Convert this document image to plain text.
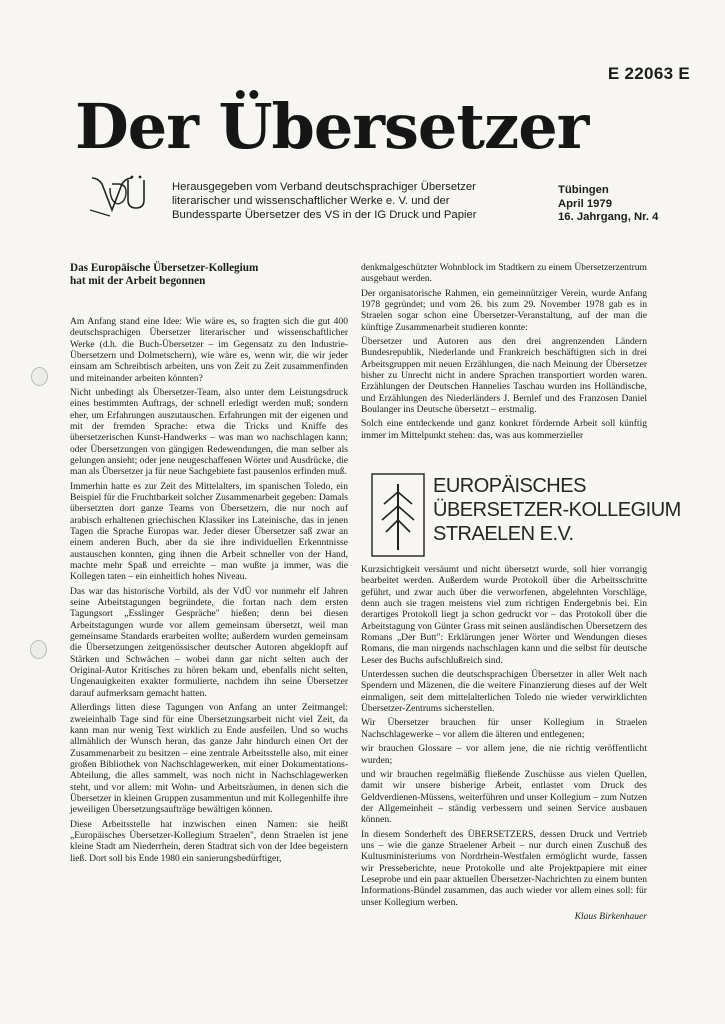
E 22063 E
Der Übersetzer
Herausgegeben vom Verband deutschsprachiger Übersetzer
literarischer und wissenschaftlicher Werke e. V. und der
Bundessparte Übersetzer des VS in der IG Druck und Papier
Tübingen
April 1979
16. Jahrgang, Nr. 4
Das Europäische Übersetzer-Kollegium
hat mit der Arbeit begonnen

Am Anfang stand eine Idee: Wie wäre es, so fragten sich die gut 400 deutschsprachigen Übersetzer literarischer und wissenschaftlicher Werke (d.h. die Buch-Übersetzer – im Gegensatz zu den Industrie-Übersetzern und Dolmetschern), wie wäre es, wenn wir, die wir jeder einsam am Schreibtisch arbeiten, uns von Zeit zu Zeit zusammenfinden und miteinander arbeiten könnten?

Nicht unbedingt als Übersetzer-Team, also unter dem Leistungsdruck eines bestimmten Auftrags, der schnell erledigt werden muß; sondern eher, um Erfahrungen auszutauschen. Erfahrungen mit der eigenen und mit der fremden Sprache: etwa die Tricks und Kniffe des übersetzerischen Kunst-Handwerks – was man wo nachschlagen kann; oder Übersetzungen von gängigen Redewendungen, die man selber als gelungen ansieht; oder jene neugeschaffenen Wörter und Ausdrücke, die man als Übersetzer ja für neue Sachgebiete fast pausenlos erfinden muß.

Immerhin hatte es zur Zeit des Mittelalters, im spanischen Toledo, ein Beispiel für die Fruchtbarkeit solcher Zusammenarbeit gegeben: Damals übersetzten dort ganze Teams von Übersetzern, die nur noch auf arabisch erhaltenen griechischen Klassiker ins Lateinische, das in jenen Tagen die Sprache Europas war. Jeder dieser Übersetzer saß zwar an einem anderen Buch, aber da sie ihre individuellen Erkenntnisse austauschen konnten, ging ihnen die Arbeit schneller von der Hand, machte mehr Spaß und erreichte – man wußte ja immer, was die Kollegen taten – ein einheitlich hohes Niveau.

Das war das historische Vorbild, als der VdÜ vor nunmehr elf Jahren seine Arbeitstagungen begründete, die fortan nach dem ersten Tagungsort „Esslinger Gespräche" hießen; denn bei diesen Arbeitstagungen wurde vor allem gemeinsam übersetzt, weil man gemeinsame Standards erarbeiten wollte; außerdem wurden gemeinsam die Übersetzungen zeitgenössischer deutscher Autoren abgeklopft auf Stärken und Schwächen – wobei dann gar nicht selten auch der Original-Autor Kritisches zu hören bekam und, ebenfalls nicht selten, Ungenauigkeiten exakter formulierte, nachdem ihn seine Übersetzer darauf aufmerksam gemacht hatten.

Allerdings litten diese Tagungen von Anfang an unter Zeitmangel: zweieinhalb Tage sind für eine Übersetzungsarbeit nicht viel Zeit, da kann man nur wenig Text wirklich zu Ende ausfeilen. Und so wuchs allmählich der Wunsch heran, das ganze Jahr hindurch einen Ort der Zusammenarbeit zu besitzen – eine zentrale Arbeitsstelle also, mit einer großen Bibliothek von Nachschlagewerken, mit einer Dokumentations-Abteilung, die alles sammelt, was noch nicht in Nachschlagewerken steht, und vor allem: mit Wohn- und Arbeitsräumen, in denen sich die Übersetzer in kleinen Gruppen zusammentun und mit Kollegenhilfe ihre jeweiligen Übersetzungsaufträge bewältigen können.

Diese Arbeitsstelle hat inzwischen einen Namen: sie heißt „Europäisches Übersetzer-Kollegium Straelen", denn Straelen ist jene kleine Stadt am Niederrhein, deren Stadtrat sich von der Idee begeistern ließ. Dort soll bis Ende 1980 ein sanierungsbedürftiger,

denkmalgeschützter Wohnblock im Stadtkern zu einem Übersetzerzentrum ausgebaut werden.

Der organisatorische Rahmen, ein gemeinnütziger Verein, wurde Anfang 1978 gegründet; und vom 26. bis zum 29. November 1978 gab es in Straelen sogar schon eine Übersetzer-Veranstaltung, auf der man die künftige Zusammenarbeit studieren konnte:

Übersetzer und Autoren aus den drei angrenzenden Ländern Bundesrepublik, Niederlande und Frankreich beschäftigten sich in drei Arbeitsgruppen mit neuen Erzählungen, die nach Meinung der Übersetzer bisher zu Unrecht nicht in andere Sprachen transportiert worden waren. Erzählungen der Deutschen Hannelies Taschau wurden ins Holländische, und Erzählungen des Niederländers J. Bernlef und des Franzosen Daniel Boulanger ins Deutsche übersetzt – erstmalig.

Solch eine entdeckende und ganz konkret fördernde Arbeit soll künftig immer im Mittelpunkt stehen: das, was aus kommerzieller

EUROPÄISCHES
ÜBERSETZER-KOLLEGIUM
STRAELEN E.V.

Kurzsichtigkeit versäumt und nicht übersetzt wurde, soll hier vorrangig bearbeitet werden. Außerdem wurde Protokoll über die Arbeitsschritte geführt, und zwar auch über die verworfenen, abgelehnten Vorschläge, denn auch sie tragen meistens viel zum richtigen Endergebnis bei. Ein derartiges Protokoll liegt ja schon gedruckt vor – das Protokoll über die Arbeitstagung von Günter Grass mit seinen ausländischen Übersetzern des Romans „Der Butt": Erklärungen jener Wörter und Wendungen dieses Romans, die man nirgends nachschlagen kann und die selbst für deutsche Leser des Buchs aufschlußreich sind.

Unterdessen suchen die deutschsprachigen Übersetzer in aller Welt nach Spendern und Mäzenen, die die weitere Finanzierung dieses auf der Welt einmaligen, seit dem mittelalterlichen Toledo nie wieder verwirklichten Übersetzer-Zentrums sicherstellen.

Wir Übersetzer brauchen für unser Kollegium in Straelen Nachschlagewerke – vor allem die älteren und entlegenen;

wir brauchen Glossare – vor allem jene, die nie richtig veröffentlicht wurden;

und wir brauchen regelmäßig fließende Zuschüsse aus vielen Quellen, damit wir unsere bisherige Arbeit, entlastet vom Druck des Geldverdienen-Müssens, weiterführen und unser Kollegium – zum Nutzen der Allgemeinheit – ständig verbessern und seinen Service ausbauen können.

In diesem Sonderheft des ÜBERSETZERS, dessen Druck und Vertrieb uns – wie die ganze Straelener Arbeit – nur durch einen Zuschuß des Kultusministeriums von Nordrhein-Westfalen ermöglicht wurde, fassen wir Presseberichte, neue Protokolle und alte Projektpapiere mit einer Leseprobe und ein paar aktuellen Übersetzer-Nachrichten zu einem bunten Informations-Bündel zusammen, das auch wieder vor allem eines soll: für unser Kollegium werben.

Klaus Birkenhauer
